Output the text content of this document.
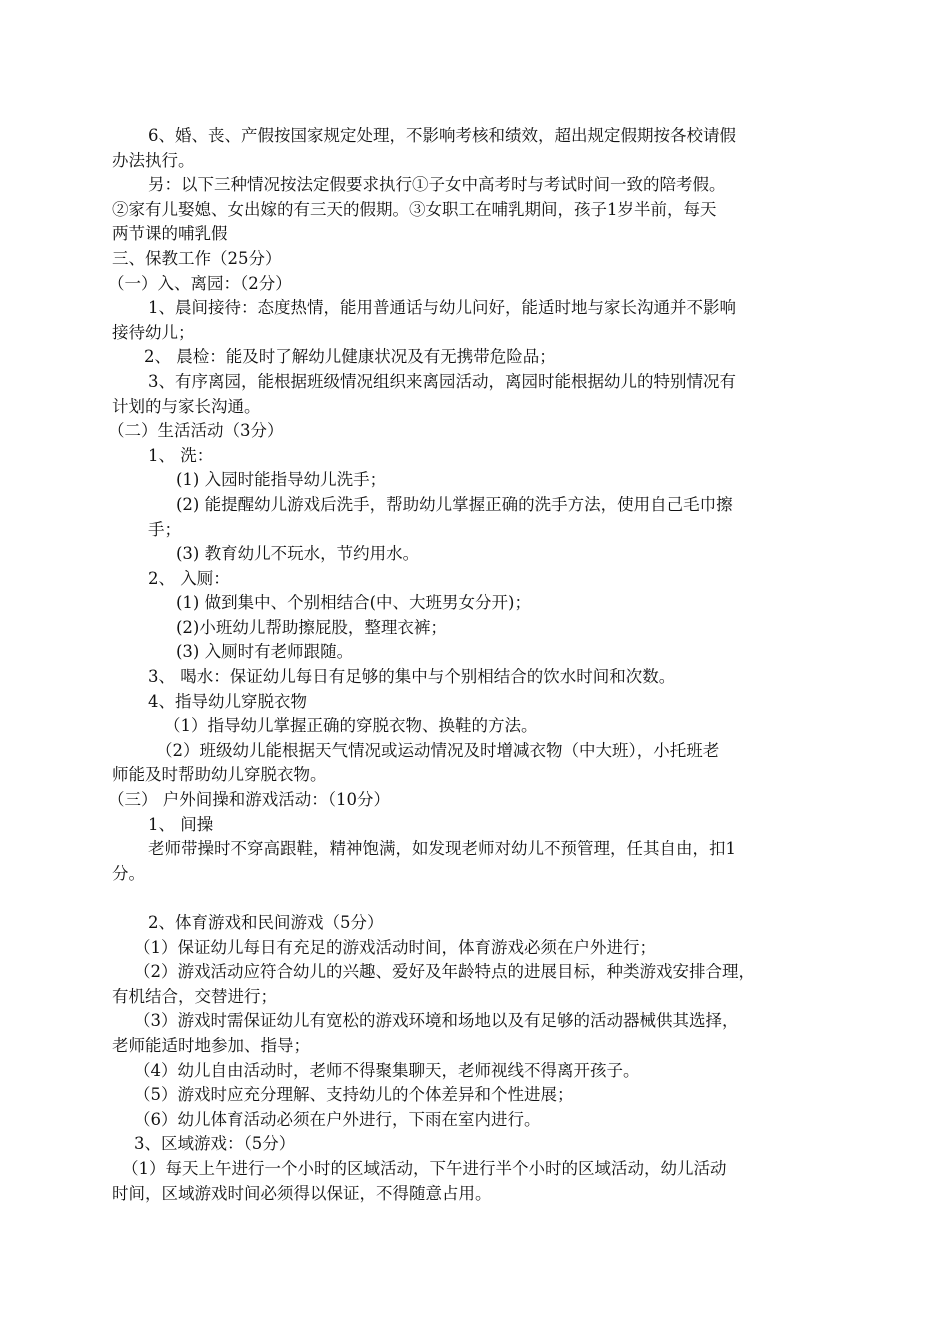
6、婚、丧、产假按国家规定处理，不影响考核和绩效，超出规定假期按各校请假
办法执行。
另：以下三种情况按法定假要求执行①子女中高考时与考试时间一致的陪考假。
②家有儿娶媳、女出嫁的有三天的假期。③女职工在哺乳期间，孩子1岁半前，每天
两节课的哺乳假
三、保教工作（25分）
（一）入、离园：（2分）
1、晨间接待：态度热情，能用普通话与幼儿问好，能适时地与家长沟通并不影响
接待幼儿；
2、 晨检：能及时了解幼儿健康状况及有无携带危险品；
3、有序离园，能根据班级情况组织来离园活动，离园时能根据幼儿的特别情况有
计划的与家长沟通。
（二）生活活动（3分）
1、 洗：
(1) 入园时能指导幼儿洗手；
(2) 能提醒幼儿游戏后洗手，帮助幼儿掌握正确的洗手方法，使用自己毛巾擦
手；
(3) 教育幼儿不玩水，节约用水。
2、 入厕：
(1) 做到集中、个别相结合(中、大班男女分开)；
(2)小班幼儿帮助擦屁股，整理衣裤；
(3) 入厕时有老师跟随。
3、 喝水：保证幼儿每日有足够的集中与个别相结合的饮水时间和次数。
4、指导幼儿穿脱衣物
（1）指导幼儿掌握正确的穿脱衣物、换鞋的方法。
（2）班级幼儿能根据天气情况或运动情况及时增减衣物（中大班），小托班老
师能及时帮助幼儿穿脱衣物。
（三） 户外间操和游戏活动：（10分）
1、 间操
老师带操时不穿高跟鞋，精神饱满，如发现老师对幼儿不预管理，任其自由，扣1
分。
2、体育游戏和民间游戏（5分）
（1）保证幼儿每日有充足的游戏活动时间，体育游戏必须在户外进行；
（2）游戏活动应符合幼儿的兴趣、爱好及年龄特点的进展目标，种类游戏安排合理，
有机结合，交替进行；
（3）游戏时需保证幼儿有宽松的游戏环境和场地以及有足够的活动器械供其选择，
老师能适时地参加、指导；
（4）幼儿自由活动时，老师不得聚集聊天，老师视线不得离开孩子。
（5）游戏时应充分理解、支持幼儿的个体差异和个性进展；
（6）幼儿体育活动必须在户外进行，下雨在室内进行。
3、区域游戏：（5分）
（1）每天上午进行一个小时的区域活动，下午进行半个小时的区域活动，幼儿活动
时间，区域游戏时间必须得以保证，不得随意占用。
